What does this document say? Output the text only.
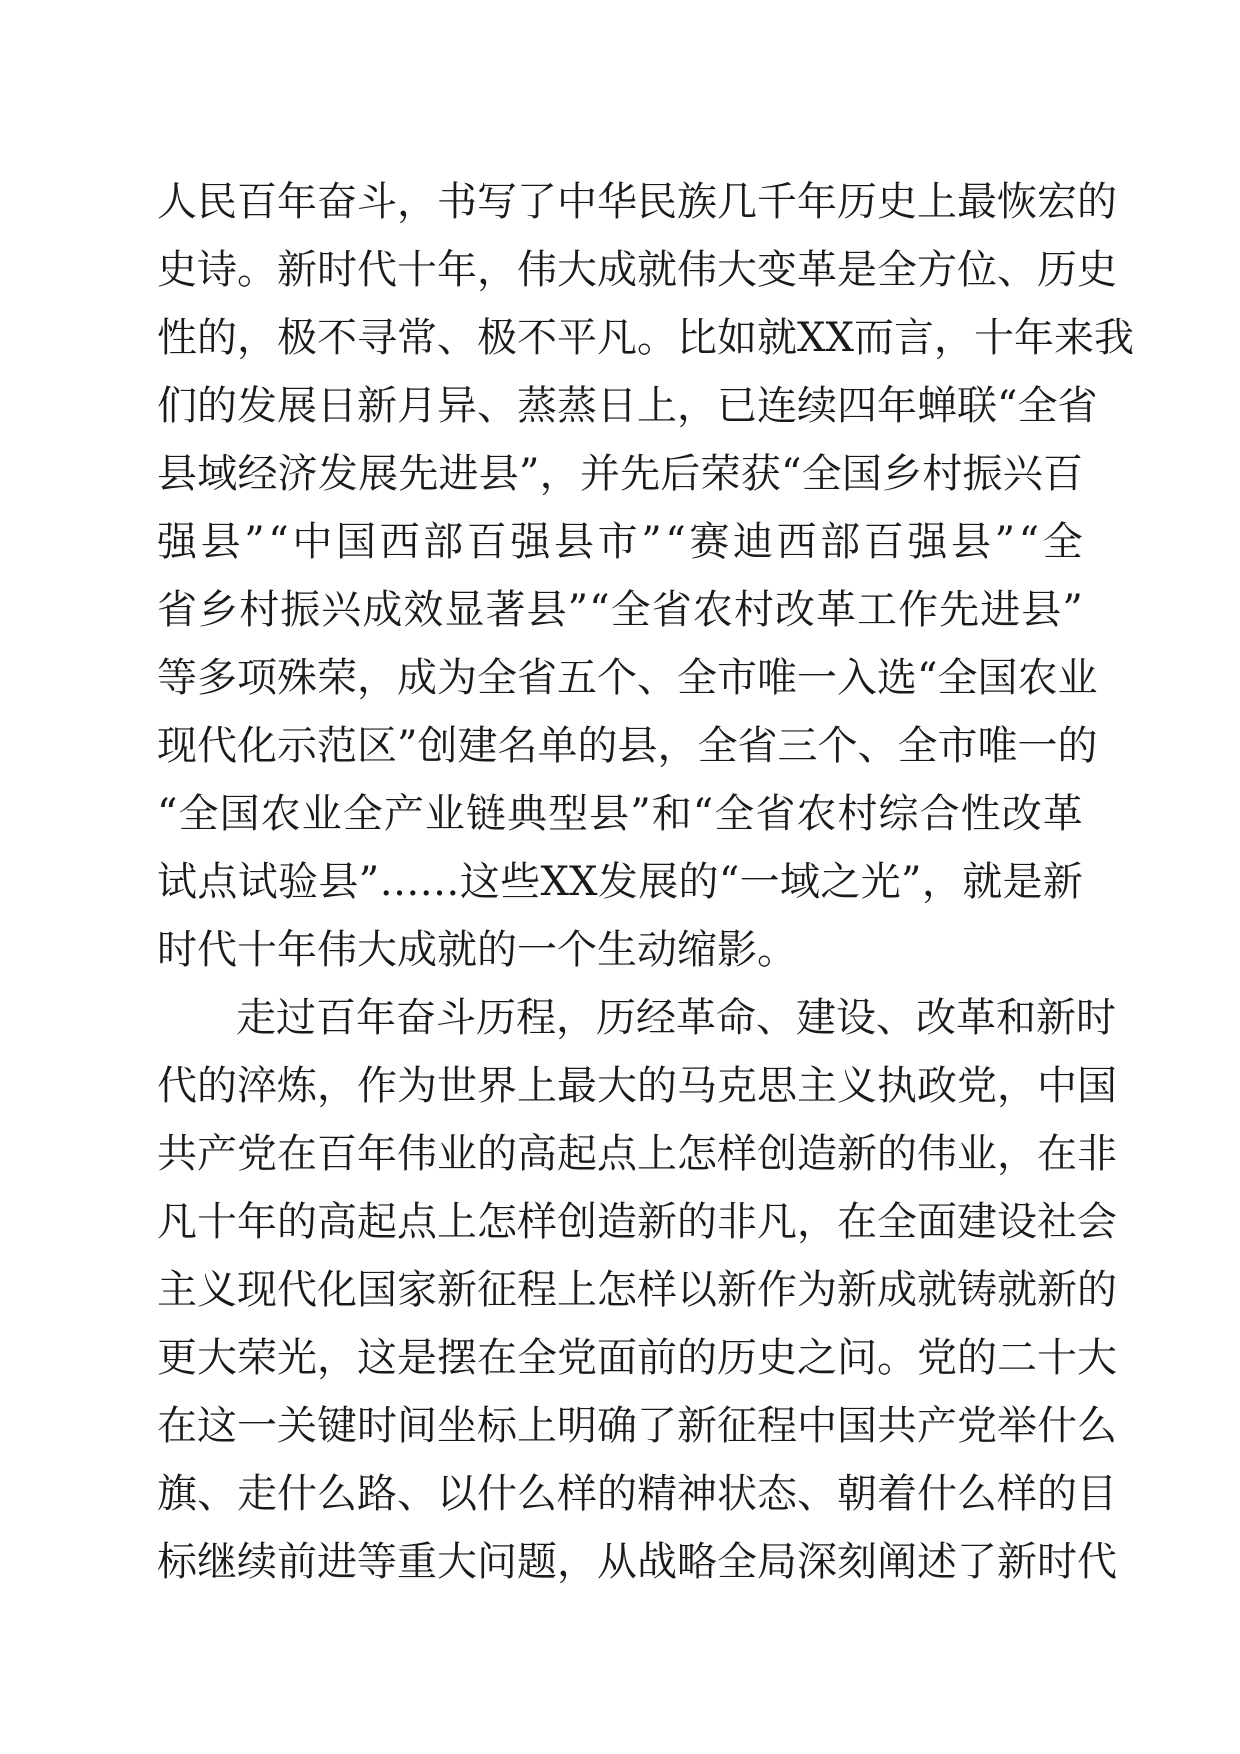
人 民 百 年 奋 斗 ， 书 写 了 中 华 民 族 几 千 年 历 史 上 最 恢 宏 的
史 诗 。 新 时 代 十 年 ， 伟 大 成 就 伟 大 变 革 是 全 方 位 、 历 史
性 的 ， 极 不 寻 常 、 极 不 平 凡 。 比 如 就 XX 而 言 ， 十 年 来 我
们 的 发 展 日 新 月 异 、 蒸 蒸 日 上 ， 已 连 续 四 年 蝉 联 “ 全 省
县 域 经 济 发 展 先 进 县 ” ， 并 先 后 荣 获 “ 全 国 乡 村 振 兴 百
强 县 ” “ 中 国 西 部 百 强 县 市 ” “ 赛 迪 西 部 百 强 县 ” “ 全
省 乡 村 振 兴 成 效 显 著 县 ” “ 全 省 农 村 改 革 工 作 先 进 县 ”
等 多 项 殊 荣 ， 成 为 全 省 五 个 、 全 市 唯 一 入 选 “ 全 国 农 业
现 代 化 示 范 区 ” 创 建 名 单 的 县 ， 全 省 三 个 、 全 市 唯 一 的
“ 全 国 农 业 全 产 业 链 典 型 县 ” 和 “ 全 省 农 村 综 合 性 改 革
试 点 试 验 县 ” …… 这 些 XX 发 展 的 “ 一 域 之 光 ” ， 就 是 新
时代十年伟大成就的一个生动缩影。
走 过 百 年 奋 斗 历 程 ， 历 经 革 命 、 建 设 、 改 革 和 新 时
代 的 淬 炼 ， 作 为 世 界 上 最 大 的 马 克 思 主 义 执 政 党 ， 中 国
共 产 党 在 百 年 伟 业 的 高 起 点 上 怎 样 创 造 新 的 伟 业 ， 在 非
凡 十 年 的 高 起 点 上 怎 样 创 造 新 的 非 凡 ， 在 全 面 建 设 社 会
主 义 现 代 化 国 家 新 征 程 上 怎 样 以 新 作 为 新 成 就 铸 就 新 的
更 大 荣 光 ， 这 是 摆 在 全 党 面 前 的 历 史 之 问 。 党 的 二 十 大
在 这 一 关 键 时 间 坐 标 上 明 确 了 新 征 程 中 国 共 产 党 举 什 么
旗 、 走 什 么 路 、 以 什 么 样 的 精 神 状 态 、 朝 着 什 么 样 的 目
标 继 续 前 进 等 重 大 问 题 ， 从 战 略 全 局 深 刻 阐 述 了 新 时 代
